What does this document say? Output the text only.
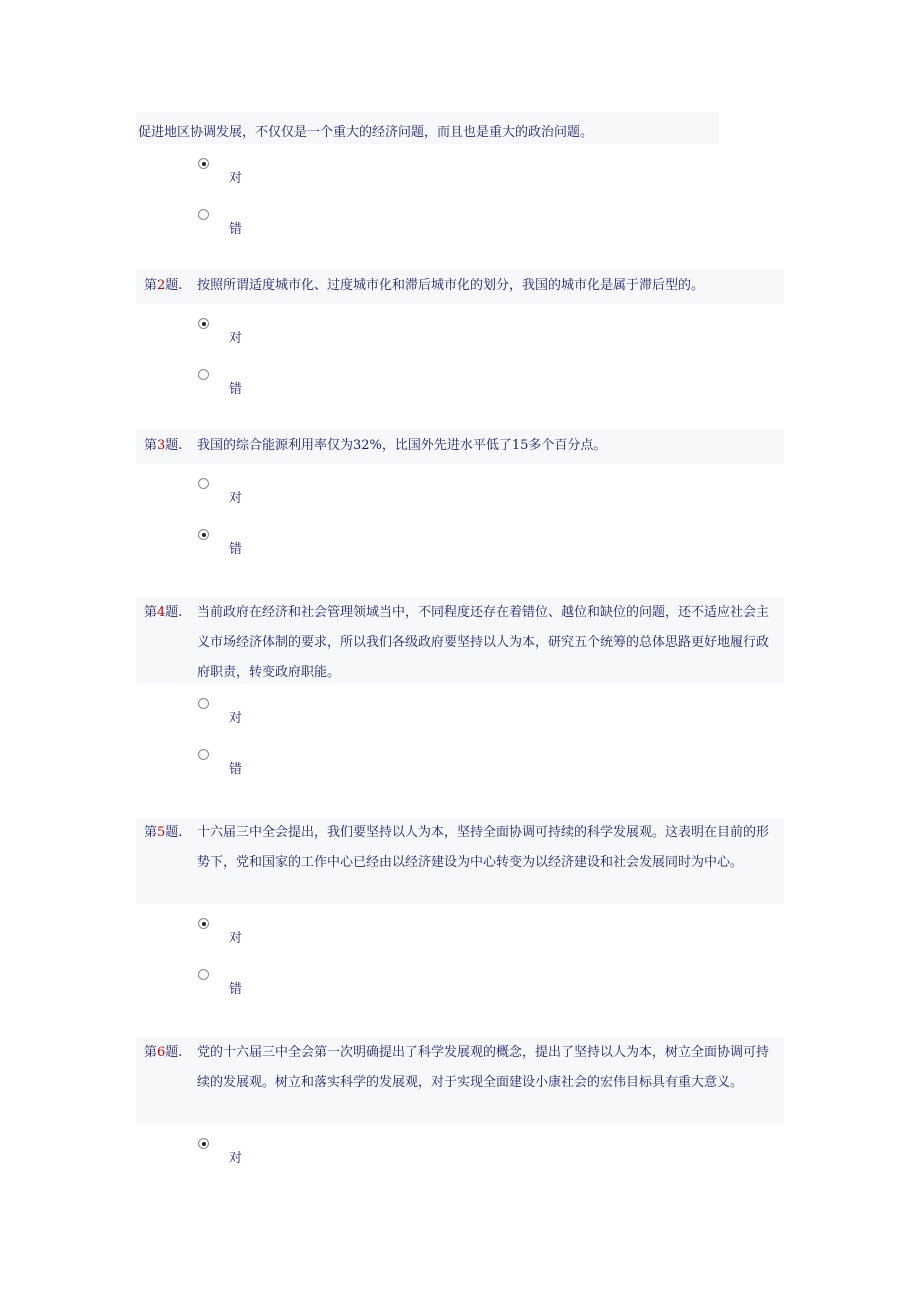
促进地区协调发展，不仅仅是一个重大的经济问题，而且也是重大的政治问题。
对
错
第2题. 按照所谓适度城市化、过度城市化和滞后城市化的划分，我国的城市化是属于滞后型的。
对
错
第3题. 我国的综合能源利用率仅为32%，比国外先进水平低了15多个百分点。
对
错
第4题. 当前政府在经济和社会管理领域当中，不同程度还存在着错位、越位和缺位的问题，还不适应社会主义市场经济体制的要求，所以我们各级政府要坚持以人为本，研究五个统筹的总体思路更好地履行政府职责，转变政府职能。
对
错
第5题. 十六届三中全会提出，我们要坚持以人为本，坚持全面协调可持续的科学发展观。这表明在目前的形势下，党和国家的工作中心已经由以经济建设为中心转变为以经济建设和社会发展同时为中心。
对
错
第6题. 党的十六届三中全会第一次明确提出了科学发展观的概念，提出了坚持以人为本，树立全面协调可持续的发展观。树立和落实科学的发展观，对于实现全面建设小康社会的宏伟目标具有重大意义。
对
